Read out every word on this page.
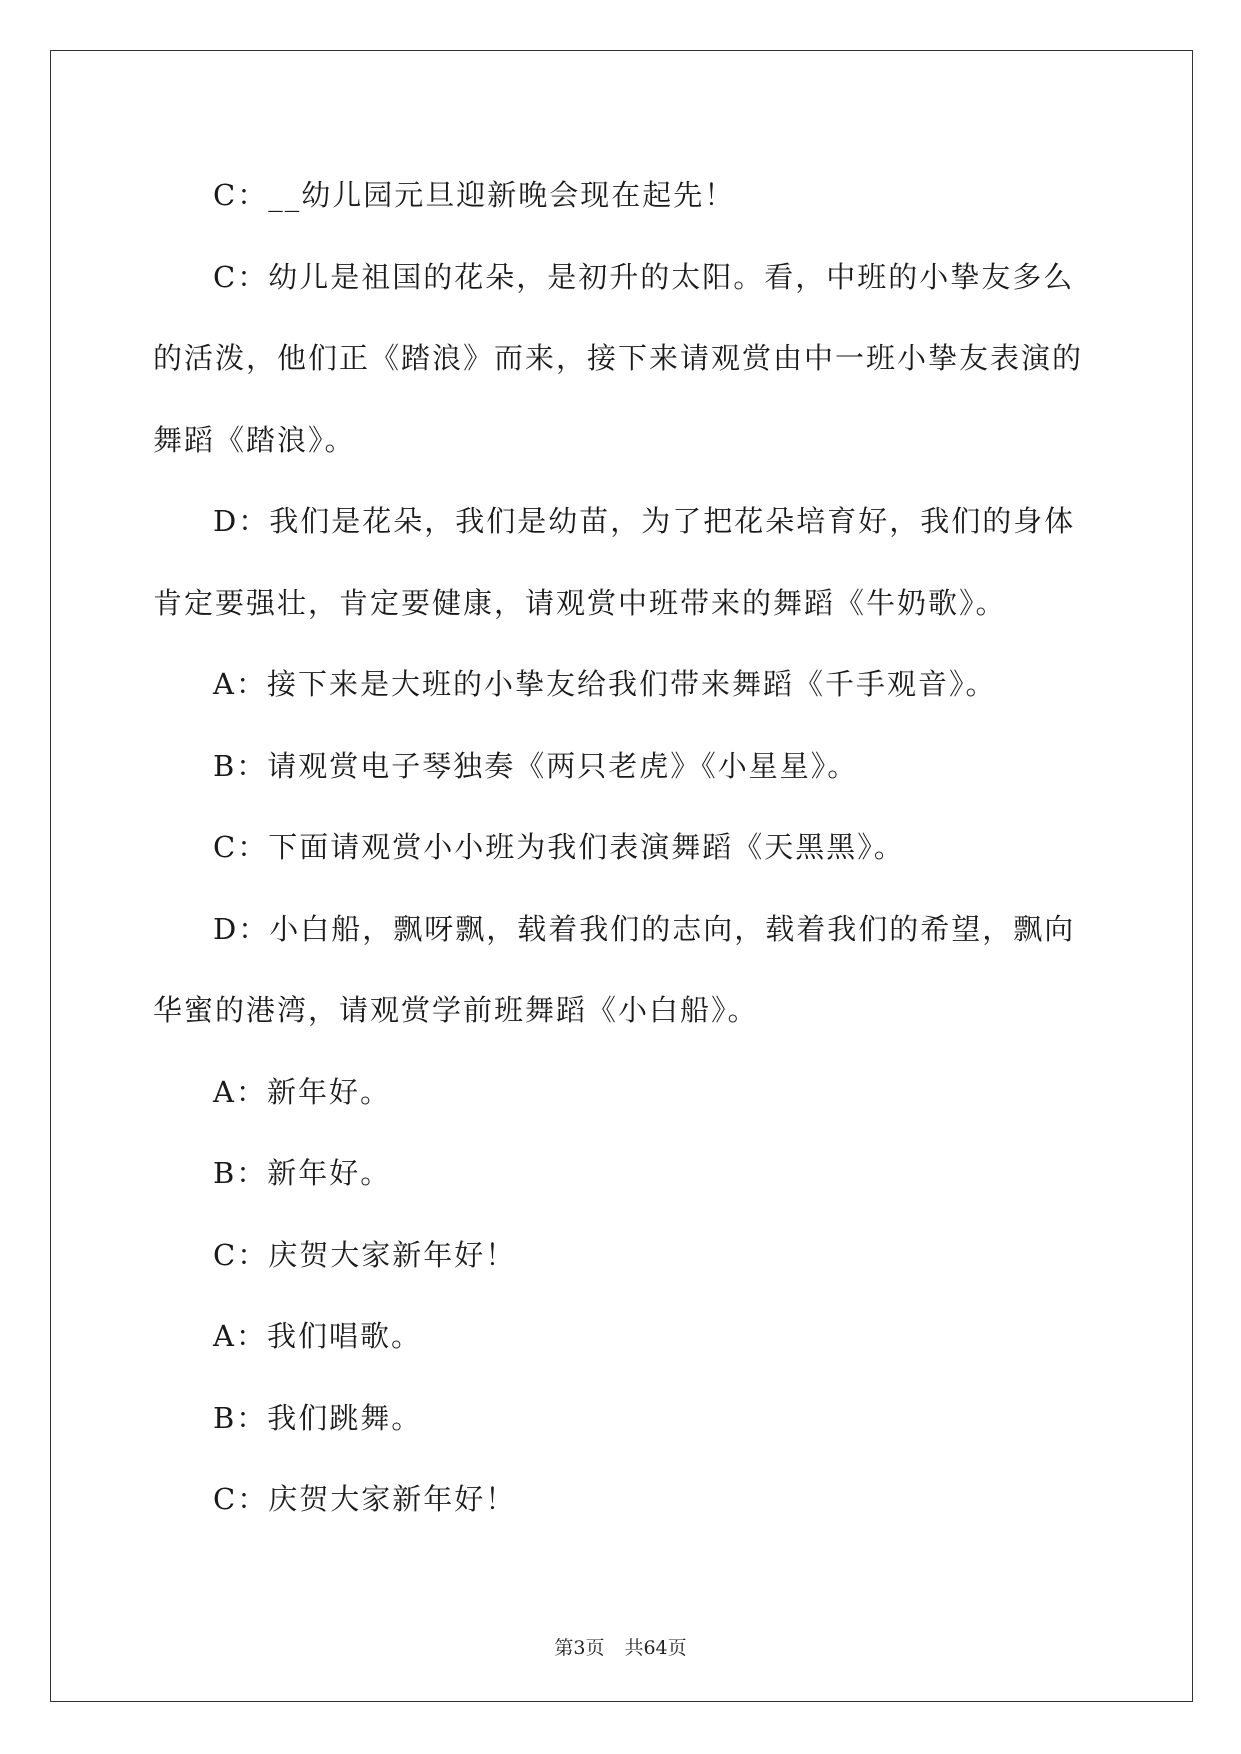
C：__幼儿园元旦迎新晚会现在起先！

C：幼儿是祖国的花朵，是初升的太阳。看，中班的小挚友多么的活泼，他们正《踏浪》而来，接下来请观赏由中一班小挚友表演的舞蹈《踏浪》。

D：我们是花朵，我们是幼苗，为了把花朵培育好，我们的身体肯定要强壮，肯定要健康，请观赏中班带来的舞蹈《牛奶歌》。

A：接下来是大班的小挚友给我们带来舞蹈《千手观音》。

B：请观赏电子琴独奏《两只老虎》《小星星》。

C：下面请观赏小小班为我们表演舞蹈《天黑黑》。

D：小白船，飘呀飘，载着我们的志向，载着我们的希望，飘向华蜜的港湾，请观赏学前班舞蹈《小白船》。

A：新年好。

B：新年好。

C：庆贺大家新年好！

A：我们唱歌。

B：我们跳舞。

C：庆贺大家新年好！

第3页 共64页
